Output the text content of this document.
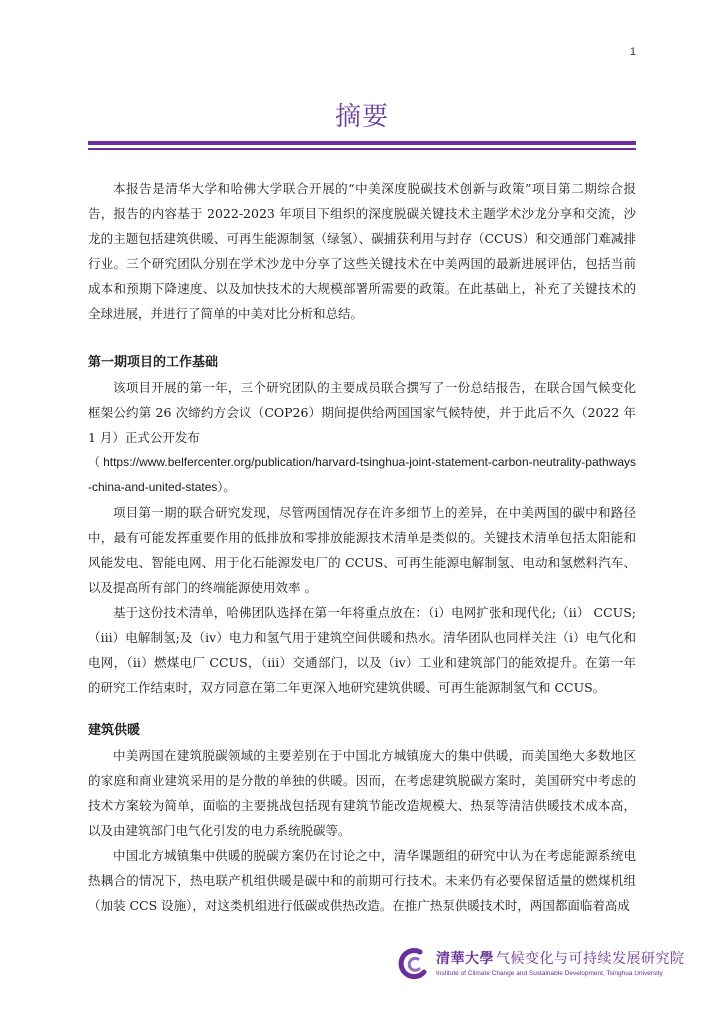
1
摘要

本报告是清华大学和哈佛大学联合开展的“中美深度脱碳技术创新与政策”项目第二期综合报告，报告的内容基于 2022-2023 年项目下组织的深度脱碳关键技术主题学术沙龙分享和交流，沙龙的主题包括建筑供暖、可再生能源制氢（绿氢）、碳捕获利用与封存（CCUS）和交通部门难减排行业。三个研究团队分别在学术沙龙中分享了这些关键技术在中美两国的最新进展评估，包括当前成本和预期下降速度、以及加快技术的大规模部署所需要的政策。在此基础上，补充了关键技术的全球进展，并进行了简单的中美对比分析和总结。

第一期项目的工作基础

该项目开展的第一年，三个研究团队的主要成员联合撰写了一份总结报告，在联合国气候变化框架公约第 26 次缔约方会议（COP26）期间提供给两国国家气候特使，并于此后不久（2022 年 1 月）正式公开发布

（https://www.belfercenter.org/publication/harvard-tsinghua-joint-statement-carbon-neutrality-pathways-china-and-united-states）。

项目第一期的联合研究发现，尽管两国情况存在许多细节上的差异，在中美两国的碳中和路径中，最有可能发挥重要作用的低排放和零排放能源技术清单是类似的。关键技术清单包括太阳能和风能发电、智能电网、用于化石能源发电厂的 CCUS、可再生能源电解制氢、电动和氢燃料汽车、以及提高所有部门的终端能源使用效率 。

基于这份技术清单，哈佛团队选择在第一年将重点放在：（i）电网扩张和现代化;（ii） CCUS;（iii）电解制氢;及（iv）电力和氢气用于建筑空间供暖和热水。清华团队也同样关注（i）电气化和电网，（ii）燃煤电厂 CCUS，（iii）交通部门，以及（iv）工业和建筑部门的能效提升。在第一年的研究工作结束时，双方同意在第二年更深入地研究建筑供暖、可再生能源制氢气和 CCUS。

建筑供暖

中美两国在建筑脱碳领域的主要差别在于中国北方城镇庞大的集中供暖，而美国绝大多数地区的家庭和商业建筑采用的是分散的单独的供暖。因而，在考虑建筑脱碳方案时，美国研究中考虑的技术方案较为简单，面临的主要挑战包括现有建筑节能改造规模大、热泵等清洁供暖技术成本高，以及由建筑部门电气化引发的电力系统脱碳等。

中国北方城镇集中供暖的脱碳方案仍在讨论之中，清华课题组的研究中认为在考虑能源系统电热耦合的情况下，热电联产机组供暖是碳中和的前期可行技术。未来仍有必要保留适量的燃煤机组（加装 CCS 设施），对这类机组进行低碳或供热改造。在推广热泵供暖技术时，两国都面临着高成

清華大學 气候变化与可持续发展研究院
Institute of Climate Change and Sustainable Development, Tsinghua University
